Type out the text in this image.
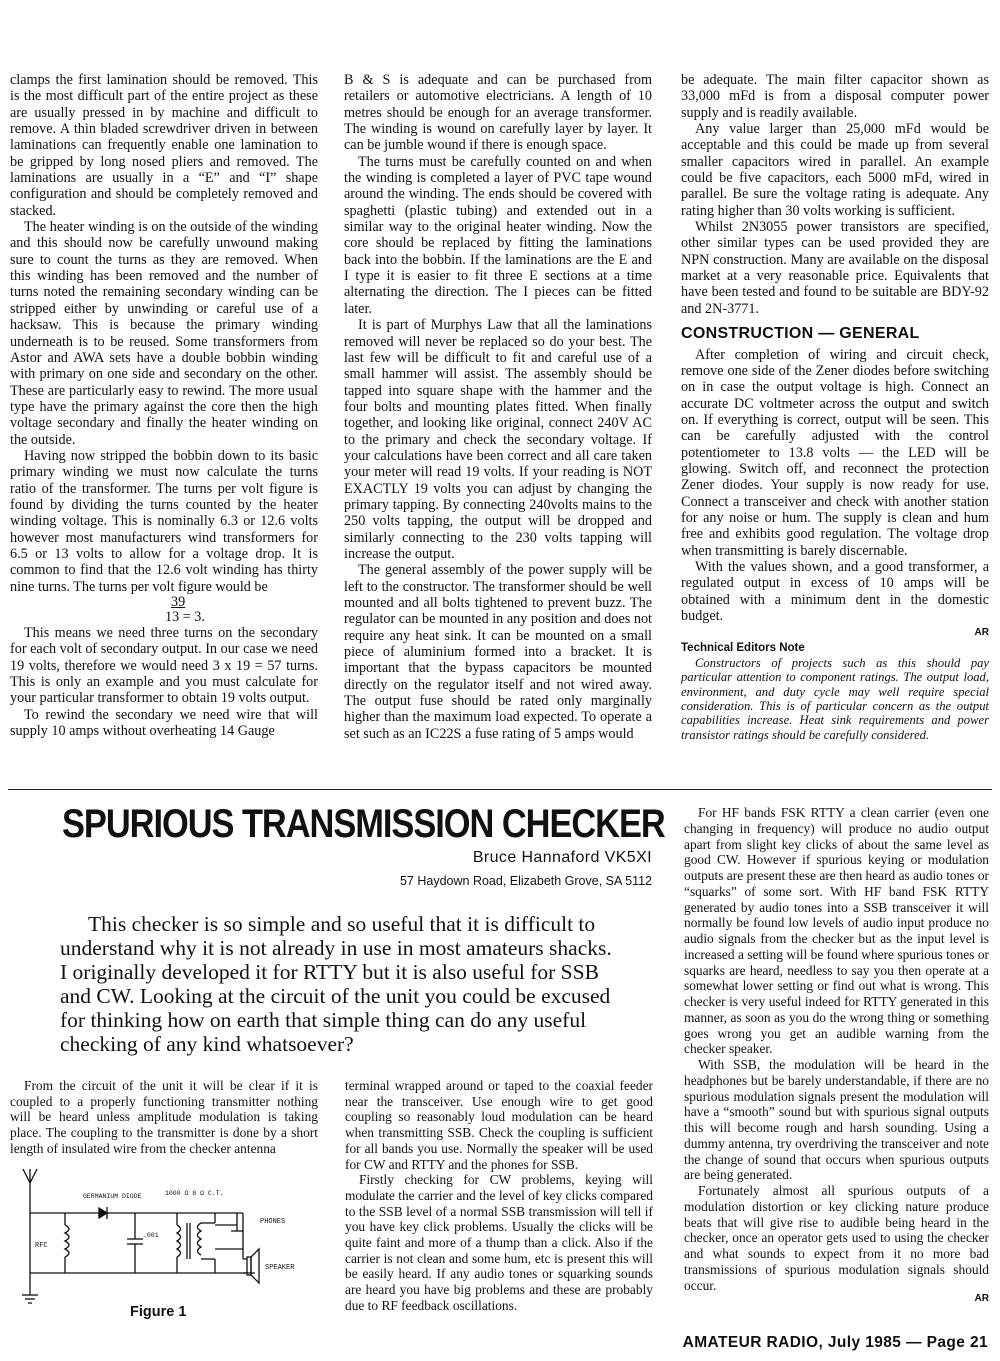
clamps the first lamination should be removed. This is the most difficult part of the entire project as these are usually pressed in by machine and difficult to remove. A thin bladed screwdriver driven in between laminations can frequently enable one lamination to be gripped by long nosed pliers and removed. The laminations are usually in a “E” and “I” shape configuration and should be completely removed and stacked.

The heater winding is on the outside of the winding and this should now be carefully unwound making sure to count the turns as they are removed. When this winding has been removed and the number of turns noted the remaining secondary winding can be stripped either by unwinding or careful use of a hacksaw. This is because the primary winding underneath is to be reused. Some transformers from Astor and AWA sets have a double bobbin winding with primary on one side and secondary on the other. These are particularly easy to rewind. The more usual type have the primary against the core then the high voltage secondary and finally the heater winding on the outside.

Having now stripped the bobbin down to its basic primary winding we must now calculate the turns ratio of the transformer. The turns per volt figure is found by dividing the turns counted by the heater winding voltage. This is nominally 6.3 or 12.6 volts however most manufacturers wind transformers for 6.5 or 13 volts to allow for a voltage drop. It is common to find that the 12.6 volt winding has thirty nine turns. The turns per volt figure would be

39
13 = 3.

This means we need three turns on the secondary for each volt of secondary output. In our case we need 19 volts, therefore we would need 3 x 19 = 57 turns. This is only an example and you must calculate for your particular transformer to obtain 19 volts output.

To rewind the secondary we need wire that will supply 10 amps without overheating 14 Gauge

B & S is adequate and can be purchased from retailers or automotive electricians. A length of 10 metres should be enough for an average transformer. The winding is wound on carefully layer by layer. It can be jumble wound if there is enough space.

The turns must be carefully counted on and when the winding is completed a layer of PVC tape wound around the winding. The ends should be covered with spaghetti (plastic tubing) and extended out in a similar way to the original heater winding. Now the core should be replaced by fitting the laminations back into the bobbin. If the laminations are the E and I type it is easier to fit three E sections at a time alternating the direction. The I pieces can be fitted later.

It is part of Murphys Law that all the laminations removed will never be replaced so do your best. The last few will be difficult to fit and careful use of a small hammer will assist. The assembly should be tapped into square shape with the hammer and the four bolts and mounting plates fitted. When finally together, and looking like original, connect 240V AC to the primary and check the secondary voltage. If your calculations have been correct and all care taken your meter will read 19 volts. If your reading is NOT EXACTLY 19 volts you can adjust by changing the primary tapping. By connecting 240volts mains to the 250 volts tapping, the output will be dropped and similarly connecting to the 230 volts tapping will increase the output.

The general assembly of the power supply will be left to the constructor. The transformer should be well mounted and all bolts tightened to prevent buzz. The regulator can be mounted in any position and does not require any heat sink. It can be mounted on a small piece of aluminium formed into a bracket. It is important that the bypass capacitors be mounted directly on the regulator itself and not wired away. The output fuse should be rated only marginally higher than the maximum load expected. To operate a set such as an IC22S a fuse rating of 5 amps would

be adequate. The main filter capacitor shown as 33,000 mFd is from a disposal computer power supply and is readily available.

Any value larger than 25,000 mFd would be acceptable and this could be made up from several smaller capacitors wired in parallel. An example could be five capacitors, each 5000 mFd, wired in parallel. Be sure the voltage rating is adequate. Any rating higher than 30 volts working is sufficient.

Whilst 2N3055 power transistors are specified, other similar types can be used provided they are NPN construction. Many are available on the disposal market at a very reasonable price. Equivalents that have been tested and found to be suitable are BDY-92 and 2N-3771.

CONSTRUCTION — GENERAL

After completion of wiring and circuit check, remove one side of the Zener diodes before switching on in case the output voltage is high. Connect an accurate DC voltmeter across the output and switch on. If everything is correct, output will be seen. This can be carefully adjusted with the control potentiometer to 13.8 volts — the LED will be glowing. Switch off, and reconnect the protection Zener diodes. Your supply is now ready for use. Connect a transceiver and check with another station for any noise or hum. The supply is clean and hum free and exhibits good regulation. The voltage drop when transmitting is barely discernable.

With the values shown, and a good transformer, a regulated output in excess of 10 amps will be obtained with a minimum dent in the domestic budget.

AR
Technical Editors Note

Constructors of projects such as this should pay particular attention to component ratings. The output load, environment, and duty cycle may well require special consideration. This is of particular concern as the output capabilities increase. Heat sink requirements and power transistor ratings should be carefully considered.

SPURIOUS TRANSMISSION CHECKER
Bruce Hannaford VK5XI
57 Haydown Road, Elizabeth Grove, SA 5112

This checker is so simple and so useful that it is difficult to understand why it is not already in use in most amateurs shacks. I originally developed it for RTTY but it is also useful for SSB and CW. Looking at the circuit of the unit you could be excused for thinking how on earth that simple thing can do any useful checking of any kind whatsoever?

From the circuit of the unit it will be clear if it is coupled to a properly functioning transmitter nothing will be heard unless amplitude modulation is taking place. The coupling to the transmitter is done by a short length of insulated wire from the checker antenna

terminal wrapped around or taped to the coaxial feeder near the transceiver. Use enough wire to get good coupling so reasonably loud modulation can be heard when transmitting SSB. Check the coupling is sufficient for all bands you use. Normally the speaker will be used for CW and RTTY and the phones for SSB.

Firstly checking for CW problems, keying will modulate the carrier and the level of key clicks compared to the SSB level of a normal SSB transmission will tell if you have key click problems. Usually the clicks will be quite faint and more of a thump than a click. Also if the carrier is not clean and some hum, etc is present this will be easily heard. If any audio tones or squarking sounds are heard you have big problems and these are probably due to RF feedback oscillations.

For HF bands FSK RTTY a clean carrier (even one changing in frequency) will produce no audio output apart from slight key clicks of about the same level as good CW. However if spurious keying or modulation outputs are present these are then heard as audio tones or “squarks” of some sort. With HF band FSK RTTY generated by audio tones into a SSB transceiver it will normally be found low levels of audio input produce no audio signals from the checker but as the input level is increased a setting will be found where spurious tones or squarks are heard, needless to say you then operate at a somewhat lower setting or find out what is wrong. This checker is very useful indeed for RTTY generated in this manner, as soon as you do the wrong thing or something goes wrong you get an audible warning from the checker speaker.

With SSB, the modulation will be heard in the headphones but be barely understandable, if there are no spurious modulation signals present the modulation will have a “smooth” sound but with spurious signal outputs this will become rough and harsh sounding. Using a dummy antenna, try overdriving the transceiver and note the change of sound that occurs when spurious outputs are being generated.

Fortunately almost all spurious outputs of a modulation distortion or key clicking nature produce beats that will give rise to audible being heard in the checker, once an operator gets used to using the checker and what sounds to expect from it no more bad transmissions of spurious modulation signals should occur.

AR
RFC
GERMANIUM DIODE
.001
1000 Ω 8 Ω C.T.
PHONES
SPEAKER
Figure 1
AMATEUR RADIO, July 1985 — Page 21
